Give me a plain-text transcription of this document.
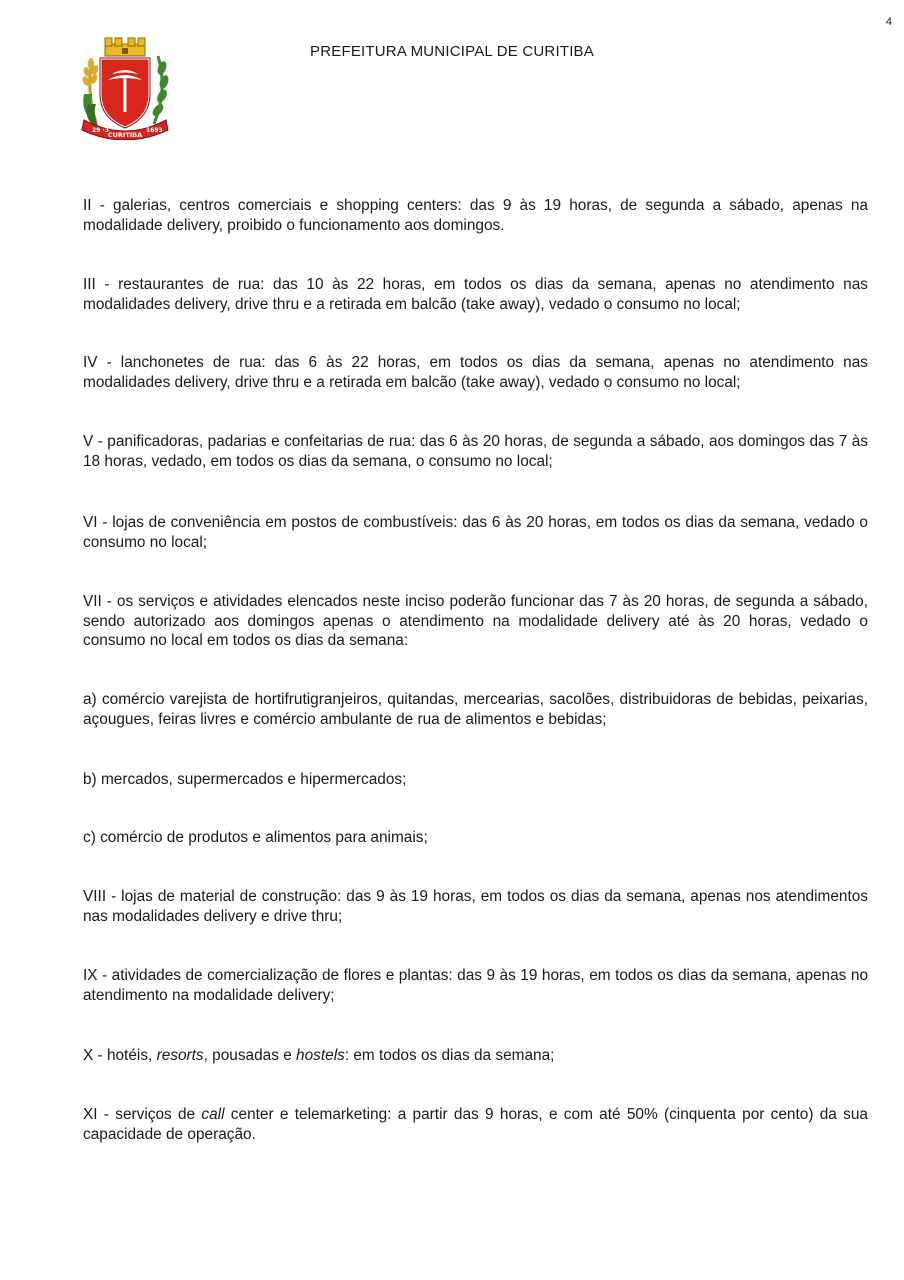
4
29 ·3
CURITIBA
1693
PREFEITURA MUNICIPAL DE CURITIBA

II - galerias, centros comerciais e shopping centers: das 9 às 19 horas, de segunda a sábado, apenas na modalidade delivery, proibido o funcionamento aos domingos.

III - restaurantes de rua: das 10 às 22 horas, em todos os dias da semana, apenas no atendimento nas modalidades delivery, drive thru e a retirada em balcão (take away), vedado o consumo no local;

IV - lanchonetes de rua: das 6 às 22 horas, em todos os dias da semana, apenas no atendimento nas modalidades delivery, drive thru e a retirada em balcão (take away), vedado o consumo no local;

V - panificadoras, padarias e confeitarias de rua: das 6 às 20 horas, de segunda a sábado, aos domingos das 7 às 18 horas, vedado, em todos os dias da semana, o consumo no local;

VI - lojas de conveniência em postos de combustíveis: das 6 às 20 horas, em todos os dias da semana, vedado o consumo no local;

VII - os serviços e atividades elencados neste inciso poderão funcionar das 7 às 20 horas, de segunda a sábado, sendo autorizado aos domingos apenas o atendimento na modalidade delivery até às 20 horas, vedado o consumo no local em todos os dias da semana:

a) comércio varejista de hortifrutigranjeiros, quitandas, mercearias, sacolões, distribuidoras de bebidas, peixarias, açougues, feiras livres e comércio ambulante de rua de alimentos e bebidas;

b) mercados, supermercados e hipermercados;

c) comércio de produtos e alimentos para animais;

VIII - lojas de material de construção: das 9 às 19 horas, em todos os dias da semana, apenas nos atendimentos nas modalidades delivery e drive thru;

IX - atividades de comercialização de flores e plantas: das 9 às 19 horas, em todos os dias da semana, apenas no atendimento na modalidade delivery;

X - hotéis, resorts, pousadas e hostels: em todos os dias da semana;

XI - serviços de call center e telemarketing: a partir das 9 horas, e com até 50% (cinquenta por cento) da sua capacidade de operação.
